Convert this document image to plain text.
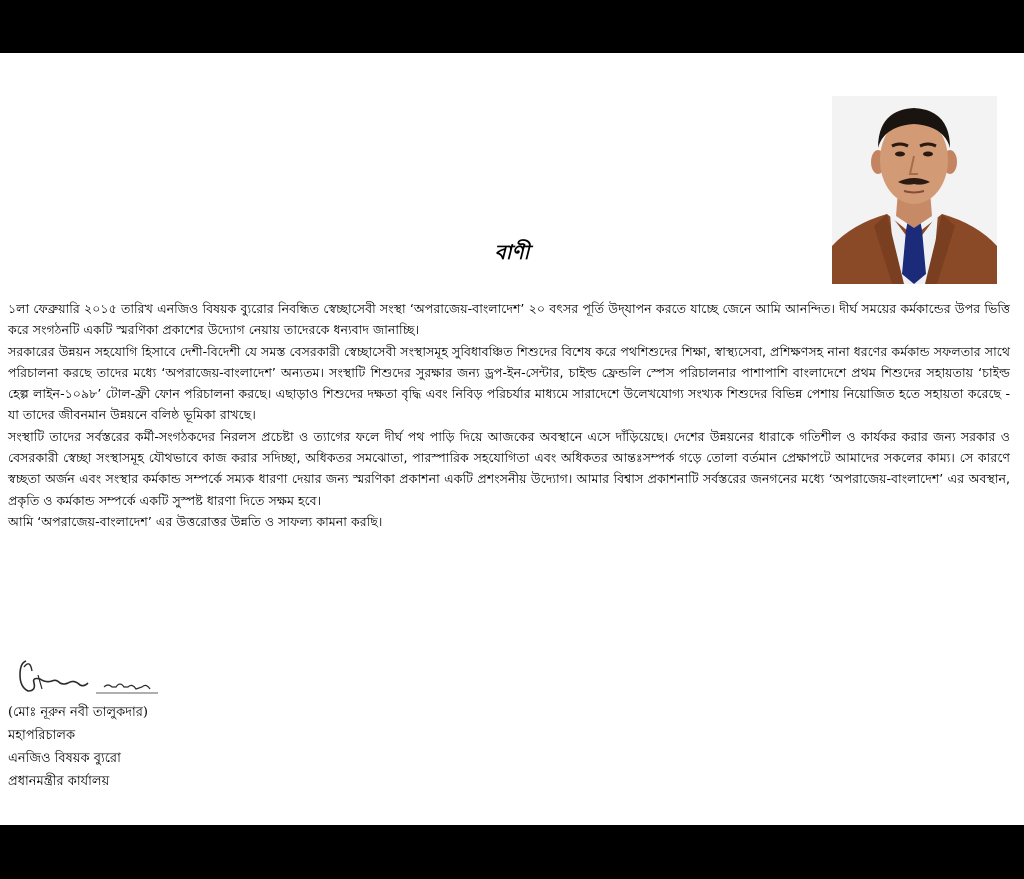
বাণী

১লা ফেব্রুয়ারি ২০১৫ তারিখ এনজিও বিষয়ক ব্যুরোর নিবন্ধিত স্বেচ্ছাসেবী সংস্থা ‘অপরাজেয়-বাংলাদেশ’ ২০ বৎসর পূর্তি উদ্‌যাপন করতে যাচ্ছে জেনে আমি আনন্দিত। দীর্ঘ সময়ের কর্মকান্ডের উপর ভিত্তি করে সংগঠনটি একটি স্মরণিকা প্রকাশের উদ্যোগ নেয়ায় তাদেরকে ধন্যবাদ জানাচ্ছি।

সরকারের উন্নয়ন সহযোগি হিসাবে দেশী-বিদেশী যে সমস্ত বেসরকারী স্বেচ্ছাসেবী সংস্থাসমূহ সুবিধাবঞ্চিত শিশুদের বিশেষ করে পথশিশুদের শিক্ষা, স্বাস্থ্যসেবা, প্রশিক্ষণসহ নানা ধরণের কর্মকান্ড সফলতার সাথে পরিচালনা করছে তাদের মধ্যে ‘অপরাজেয়-বাংলাদেশ’ অন্যতম। সংস্থাটি শিশুদের সুরক্ষার জন্য ড্রপ-ইন-সেন্টার, চাইল্ড ফ্রেন্ডলি স্পেস পরিচালনার পাশাপাশি বাংলাদেশে প্রথম শিশুদের সহায়তায় ‘চাইল্ড হেল্প লাইন-১০৯৮’ টোল-ফ্রী ফোন পরিচালনা করছে। এছাড়াও শিশুদের দক্ষতা বৃদ্ধি এবং নিবিড় পরিচর্যার মাধ্যমে সারাদেশে উলেখযোগ্য সংখ্যক শিশুদের বিভিন্ন পেশায় নিয়োজিত হতে সহায়তা করেছে - যা তাদের জীবনমান উন্নয়নে বলিষ্ঠ ভূমিকা রাখছে।

সংস্থাটি তাদের সর্বস্তরের কর্মী-সংগঠকদের নিরলস প্রচেষ্টা ও ত্যাগের ফলে দীর্ঘ পথ পাড়ি দিয়ে আজকের অবস্থানে এসে দাঁড়িয়েছে। দেশের উন্নয়নের ধারাকে গতিশীল ও কার্যকর করার জন্য সরকার ও বেসরকারী স্বেচ্ছা সংস্থাসমূহ যৌথভাবে কাজ করার সদিচ্ছা, অধিকতর সমঝোতা, পারস্পারিক সহযোগিতা এবং অধিকতর আন্তঃসম্পর্ক গড়ে তোলা বর্তমান প্রেক্ষাপটে আমাদের সকলের কাম্য। সে কারণে স্বচ্ছতা অর্জন এবং সংস্থার কর্মকান্ড সম্পর্কে সম্যক ধারণা দেয়ার জন্য স্মরণিকা প্রকাশনা একটি প্রশংসনীয় উদ্যোগ। আমার বিশ্বাস প্রকাশনাটি সর্বস্তরের জনগনের মধ্যে ‘অপরাজেয়-বাংলাদেশ’ এর অবস্থান, প্রকৃতি ও কর্মকান্ড সম্পর্কে একটি সুস্পষ্ট ধারণা দিতে সক্ষম হবে।

আমি ‘অপরাজেয়-বাংলাদেশ’ এর উত্তরোত্তর উন্নতি ও সাফল্য কামনা করছি।

(মোঃ নূরুন নবী তালুকদার)
মহাপরিচালক
এনজিও বিষয়ক ব্যুরো
প্রধানমন্ত্রীর কার্যালয়
